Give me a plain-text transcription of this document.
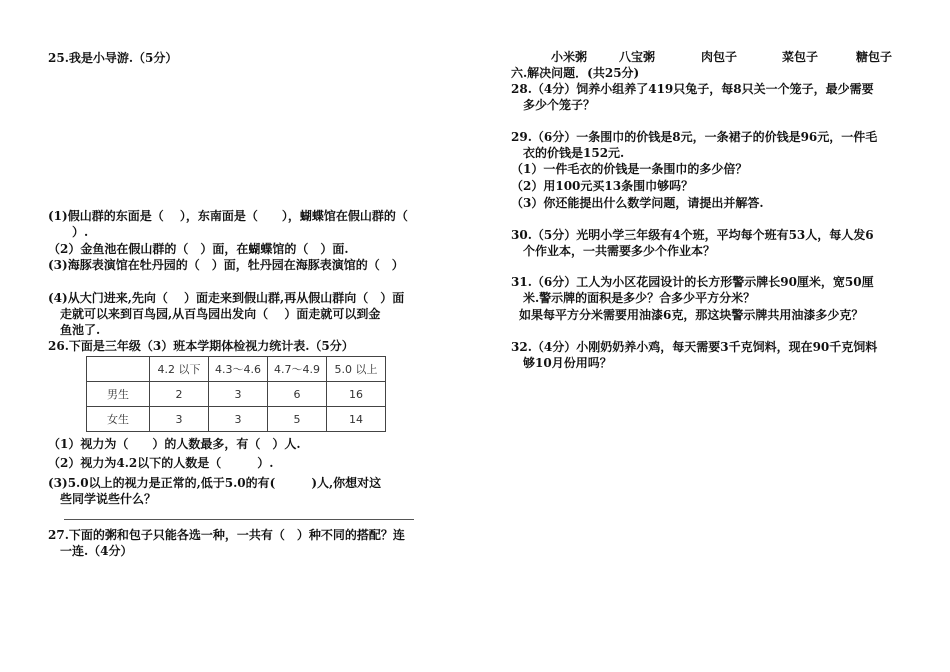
25.我是小导游.（5分）
(1)假山群的东面是（　 ），东南面是（　　），蝴蝶馆在假山群的（
　　）.
（2）金鱼池在假山群的（　）面，在蝴蝶馆的（　）面.
(3)海豚表演馆在牡丹园的（　）面，牡丹园在海豚表演馆的（　）
(4)从大门进来,先向（　 ）面走来到假山群,再从假山群向（　）面
　走就可以来到百鸟园,从百鸟园出发向（　 ）面走就可以到金
　鱼池了.
26.下面是三年级（3）班本学期体检视力统计表.（5分）
	4.2 以下	4.3～4.6	4.7～4.9	5.0 以上
男生	2	3	6	16
女生	3	3	5	14
（1）视力为（　　）的人数最多，有（　）人.
（2）视力为4.2以下的人数是（　　　）.
(3)5.0以上的视力是正常的,低于5.0的有(　　　)人,你想对这
　些同学说些什么？
27.下面的粥和包子只能各选一种，一共有（　）种不同的搭配？连
　一连.（4分）
小米粥	八宝粥	肉包子	菜包子	糖包子
六.解决问题．(共25分)
28.（4分）饲养小组养了419只兔子，每8只关一个笼子，最少需要
　多少个笼子？
29.（6分）一条围巾的价钱是8元，一条裙子的价钱是96元，一件毛
　衣的价钱是152元.
（1）一件毛衣的价钱是一条围巾的多少倍？
（2）用100元买13条围巾够吗？
（3）你还能提出什么数学问题，请提出并解答.
30.（5分）光明小学三年级有4个班，平均每个班有53人，每人发6
　个作业本，一共需要多少个作业本？
31.（6分）工人为小区花园设计的长方形警示牌长90厘米，宽50厘
　米.警示牌的面积是多少？合多少平方分米？
如果每平方分米需要用油漆6克，那这块警示牌共用油漆多少克？
32.（4分）小刚奶奶养小鸡，每天需要3千克饲料，现在90千克饲料
　够10月份用吗？
